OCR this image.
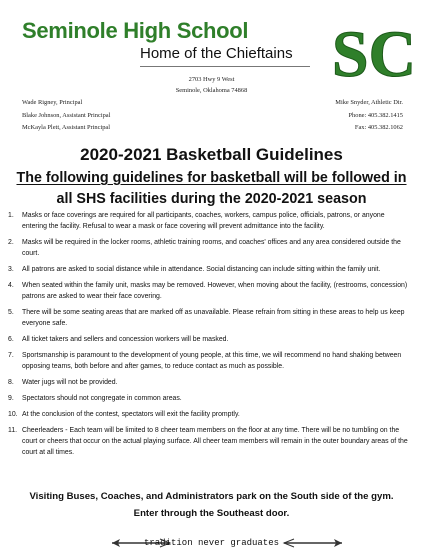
Seminole High School
Home of the Chieftains SC
2703 Hwy 9 West
Seminole, Oklahoma 74868
Wade Rigney, Principal
Blake Johnson, Assistant Principal
McKayla Plett, Assistant Principal
Mike Snyder, Athletic Dir.
Phone: 405.382.1415
Fax: 405.382.1062
2020-2021 Basketball Guidelines
The following guidelines for basketball will be followed in
all SHS facilities during the 2020-2021 season
1. Masks or face coverings are required for all participants, coaches, workers, campus police, officials, patrons, or anyone entering the facility. Refusal to wear a mask or face covering will prevent admittance into the facility.
2. Masks will be required in the locker rooms, athletic training rooms, and coaches' offices and any area considered outside the court.
3. All patrons are asked to social distance while in attendance. Social distancing can include sitting within the family unit.
4. When seated within the family unit, masks may be removed. However, when moving about the facility, (restrooms, concession) patrons are asked to wear their face covering.
5. There will be some seating areas that are marked off as unavailable. Please refrain from sitting in these areas to help us keep everyone safe.
6. All ticket takers and sellers and concession workers will be masked.
7. Sportsmanship is paramount to the development of young people, at this time, we will recommend no hand shaking between opposing teams, both before and after games, to reduce contact as much as possible.
8. Water jugs will not be provided.
9. Spectators should not congregate in common areas.
10. At the conclusion of the contest, spectators will exit the facility promptly.
11. Cheerleaders - Each team will be limited to 8 cheer team members on the floor at any time. There will be no tumbling on the court or cheers that occur on the actual playing surface. All cheer team members will remain in the outer boundary areas of the court at all times.
Visiting Buses, Coaches, and Administrators park on the South side of the gym.
Enter through the Southeast door.
tradition never graduates
